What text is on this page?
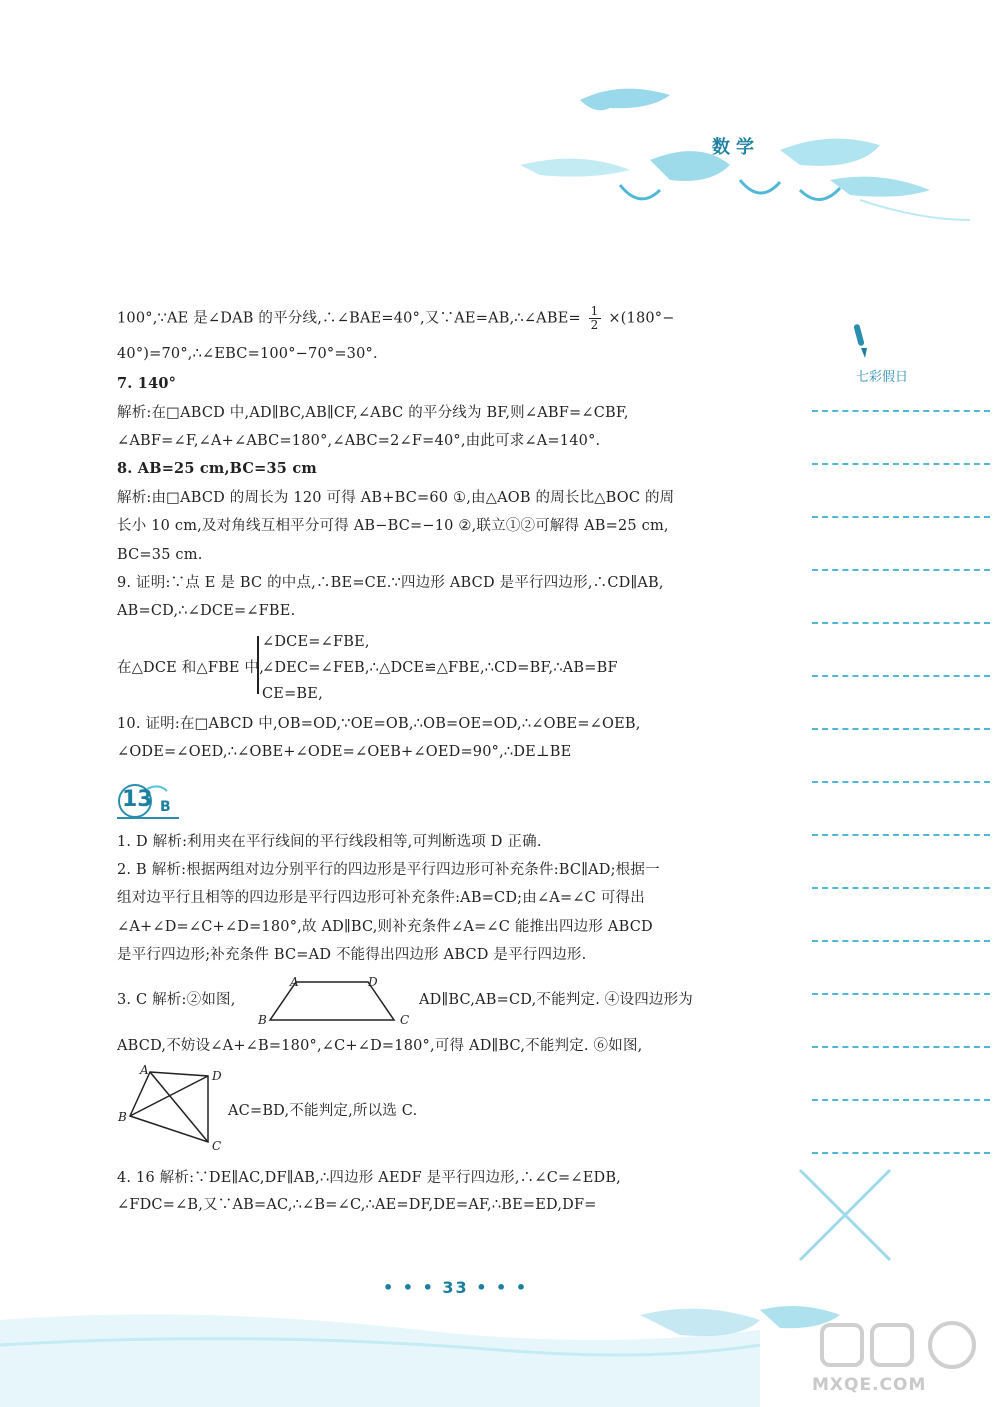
数学
七彩假日
100°,∵AE 是∠DAB 的平分线,∴∠BAE=40°,又∵AE=AB,∴∠ABE= $\frac{1}{2} \times(180^\circ-$
40°)=70°,∴∠EBC=100°−70°=30°.
7. 140°
解析:在□ABCD 中,AD∥BC,AB∥CF,∠ABC 的平分线为 BF,则∠ABF=∠CBF,
∠ABF=∠F,∠A+∠ABC=180°,∠ABC=2∠F=40°,由此可求∠A=140°.
8. AB=25 cm,BC=35 cm
解析:由□ABCD 的周长为 120 可得 AB+BC=60 ①,由△AOB 的周长比△BOC 的周
长小 10 cm,及对角线互相平分可得 AB−BC=−10 ②,联立①②可解得 AB=25 cm,
BC=35 cm.
9. 证明:∵点 E 是 BC 的中点,∴BE=CE.∵四边形 ABCD 是平行四边形,∴CD∥AB,
AB=CD,∴∠DCE=∠FBE.
∠DCE=∠FBE,
在△DCE 和△FBE 中,
∠DEC=∠FEB,∴△DCE≌△FBE,∴CD=BF,∴AB=BF
CE=BE,
10. 证明:在□ABCD 中,OB=OD,∵OE=OB,∴OB=OE=OD,∴∠OBE=∠OEB,
∠ODE=∠OED,∴∠OBE+∠ODE=∠OEB+∠OED=90°,∴DE⊥BE
13 B
1. D 解析:利用夹在平行线间的平行线段相等,可判断选项 D 正确.
2. B 解析:根据两组对边分别平行的四边形是平行四边形可补充条件:BC∥AD;根据一
组对边平行且相等的四边形是平行四边形可补充条件:AB=CD;由∠A=∠C 可得出
∠A+∠D=∠C+∠D=180°,故 AD∥BC,则补充条件∠A=∠C 能推出四边形 ABCD
是平行四边形;补充条件 BC=AD 不能得出四边形 ABCD 是平行四边形.
3. C 解析:②如图,
A	D
B	C
AD∥BC,AB=CD,不能判定. ④设四边形为
ABCD,不妨设∠A+∠B=180°,∠C+∠D=180°,可得 AD∥BC,不能判定. ⑥如图,
A	D
B
C
AC=BD,不能判定,所以选 C.
4. 16 解析:∵DE∥AC,DF∥AB,∴四边形 AEDF 是平行四边形,∴∠C=∠EDB,
∠FDC=∠B,又∵AB=AC,∴∠B=∠C,∴AE=DF,DE=AF,∴BE=ED,DF=
• • • 33 • • •
MXQE.COM
